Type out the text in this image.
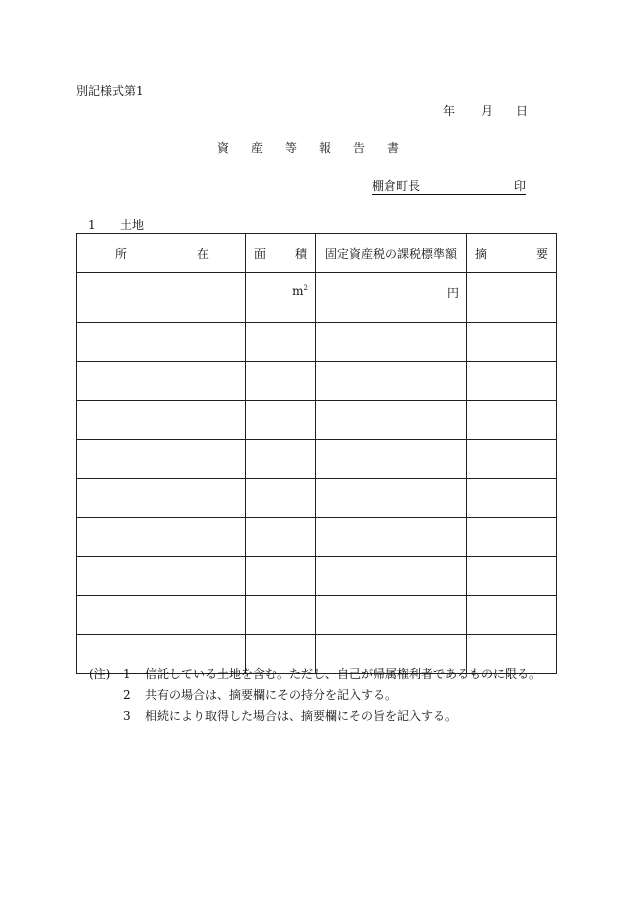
別記様式第1
年 月 日
資 産 等 報 告 書
棚倉町長	印
1 土地
所 在	面 積	固定資産税の課税標準額	摘 要

	$m^2$	円	

(注) 1 信託している土地を含む。ただし、自己が帰属権利者であるものに限る。
2 共有の場合は、摘要欄にその持分を記入する。
3 相続により取得した場合は、摘要欄にその旨を記入する。
